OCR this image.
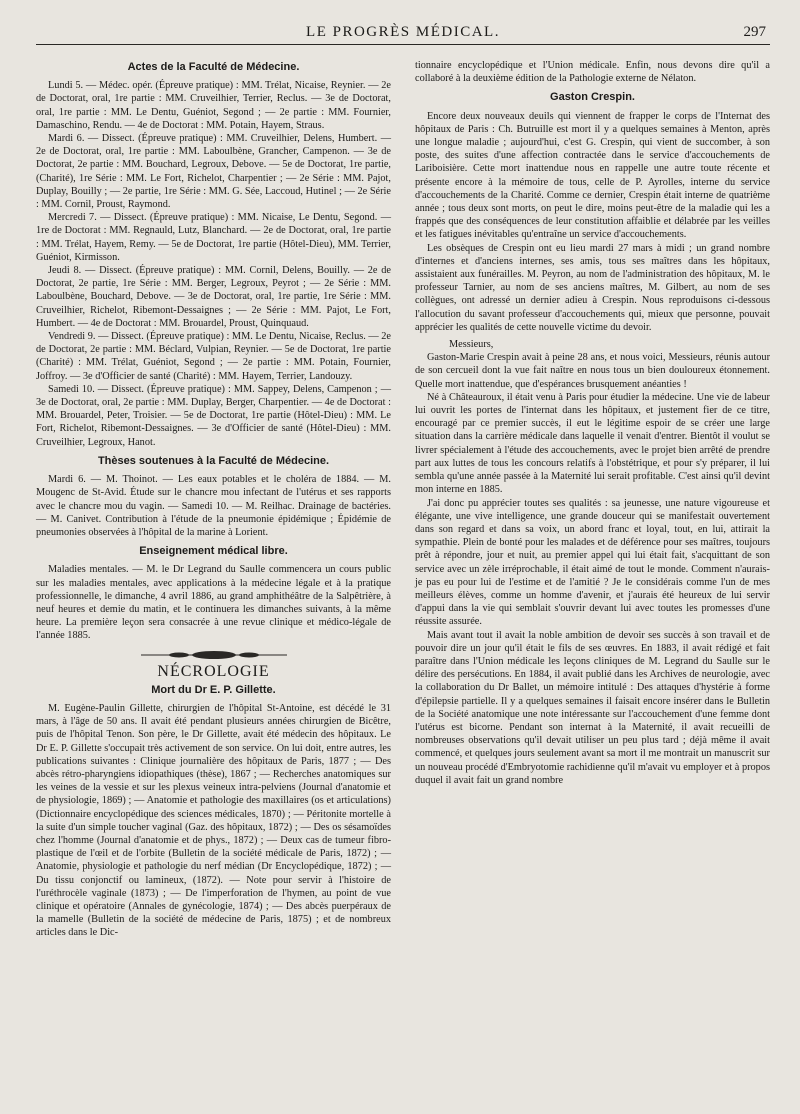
LE PROGRÈS MÉDICAL.	297
Actes de la Faculté de Médecine.

Lundi 5. — Médec. opér. (Épreuve pratique) : MM. Trélat, Nicaise, Reynier. — 2e de Doctorat, oral, 1re partie : MM. Cruveilhier, Terrier, Reclus. — 3e de Doctorat, oral, 1re partie : MM. Le Dentu, Guéniot, Segond ; — 2e partie : MM. Fournier, Damaschino, Rendu. — 4e de Doctorat : MM. Potain, Hayem, Straus.

Mardi 6. — Dissect. (Épreuve pratique) : MM. Cruveilhier, Delens, Humbert. — 2e de Doctorat, oral, 1re partie : MM. Laboulbène, Grancher, Campenon. — 3e de Doctorat, 2e partie : MM. Bouchard, Legroux, Debove. — 5e de Doctorat, 1re partie, (Charité), 1re Série : MM. Le Fort, Richelot, Charpentier ; — 2e Série : MM. Pajot, Duplay, Bouilly ; — 2e partie, 1re Série : MM. G. Sée, Laccoud, Hutinel ; — 2e Série : MM. Cornil, Proust, Raymond.

Mercredi 7. — Dissect. (Épreuve pratique) : MM. Nicaise, Le Dentu, Segond. — 1re de Doctorat : MM. Regnauld, Lutz, Blanchard. — 2e de Doctorat, oral, 1re partie : MM. Trélat, Hayem, Remy. — 5e de Doctorat, 1re partie (Hôtel-Dieu), MM. Terrier, Guéniot, Kirmisson.

Jeudi 8. — Dissect. (Épreuve pratique) : MM. Cornil, Delens, Bouilly. — 2e de Doctorat, 2e partie, 1re Série : MM. Berger, Legroux, Peyrot ; — 2e Série : MM. Laboulbène, Bouchard, Debove. — 3e de Doctorat, oral, 1re partie, 1re Série : MM. Cruveilhier, Richelot, Ribemont-Dessaignes ; — 2e Série : MM. Pajot, Le Fort, Humbert. — 4e de Doctorat : MM. Brouardel, Proust, Quinquaud.

Vendredi 9. — Dissect. (Épreuve pratique) : MM. Le Dentu, Nicaise, Reclus. — 2e de Doctorat, 2e partie : MM. Béclard, Vulpian, Reynier. — 5e de Doctorat, 1re partie (Charité) : MM. Trélat, Guéniot, Segond ; — 2e partie : MM. Potain, Fournier, Joffroy. — 3e d'Officier de santé (Charité) : MM. Hayem, Terrier, Landouzy.

Samedi 10. — Dissect. (Épreuve pratique) : MM. Sappey, Delens, Campenon ; — 3e de Doctorat, oral, 2e partie : MM. Duplay, Berger, Charpentier. — 4e de Doctorat : MM. Brouardel, Peter, Troisier. — 5e de Doctorat, 1re partie (Hôtel-Dieu) : MM. Le Fort, Richelot, Ribemont-Dessaignes. — 3e d'Officier de santé (Hôtel-Dieu) : MM. Cruveilhier, Legroux, Hanot.

Thèses soutenues à la Faculté de Médecine.

Mardi 6. — M. Thoinot. — Les eaux potables et le choléra de 1884. — M. Mougenc de St-Avid. Étude sur le chancre mou infectant de l'utérus et ses rapports avec le chancre mou du vagin. — Samedi 10. — M. Reilhac. Drainage de bactéries. — M. Canivet. Contribution à l'étude de la pneumonie épidémique ; Épidémie de pneumonies observées à l'hôpital de la marine à Lorient.

Enseignement médical libre.

Maladies mentales. — M. le Dr Legrand du Saulle commencera un cours public sur les maladies mentales, avec applications à la médecine légale et à la pratique professionnelle, le dimanche, 4 avril 1886, au grand amphithéâtre de la Salpêtrière, à neuf heures et demie du matin, et le continuera les dimanches suivants, à la même heure. La première leçon sera consacrée à une revue clinique et médico-légale de l'année 1885.

NÉCROLOGIE
Mort du Dr E. P. Gillette.

M. Eugène-Paulin Gillette, chirurgien de l'hôpital St-Antoine, est décédé le 31 mars, à l'âge de 50 ans. Il avait été pendant plusieurs années chirurgien de Bicêtre, puis de l'hôpital Tenon. Son père, le Dr Gillette, avait été médecin des hôpitaux. Le Dr E. P. Gillette s'occupait très activement de son service. On lui doit, entre autres, les publications suivantes : Clinique journalière des hôpitaux de Paris, 1877 ; — Des abcès rétro-pharyngiens idiopathiques (thèse), 1867 ; — Recherches anatomiques sur les veines de la vessie et sur les plexus veineux intra-pelviens (Journal d'anatomie et de physiologie, 1869) ; — Anatomie et pathologie des maxillaires (os et articulations) (Dictionnaire encyclopédique des sciences médicales, 1870) ; — Péritonite mortelle à la suite d'un simple toucher vaginal (Gaz. des hôpitaux, 1872) ; — Des os sésamoïdes chez l'homme (Journal d'anatomie et de phys., 1872) ; — Deux cas de tumeur fibro-plastique de l'œil et de l'orbite (Bulletin de la société médicale de Paris, 1872) ; — Anatomie, physiologie et pathologie du nerf médian (Dr Encyclopédique, 1872) ; — Du tissu conjonctif ou lamineux, (1872). — Note pour servir à l'histoire de l'uréthrocèle vaginale (1873) ; — De l'imperforation de l'hymen, au point de vue clinique et opératoire (Annales de gynécologie, 1874) ; — Des abcès puerpéraux de la mamelle (Bulletin de la société de médecine de Paris, 1875) ; et de nombreux articles dans le Dic-

tionnaire encyclopédique et l'Union médicale. Enfin, nous devons dire qu'il a collaboré à la deuxième édition de la Pathologie externe de Nélaton.

Gaston Crespin.

Encore deux nouveaux deuils qui viennent de frapper le corps de l'Internat des hôpitaux de Paris : Ch. Butruille est mort il y a quelques semaines à Menton, après une longue maladie ; aujourd'hui, c'est G. Crespin, qui vient de succomber, à son poste, des suites d'une affection contractée dans le service d'accouchements de Lariboisière. Cette mort inattendue nous en rappelle une autre toute récente et présente encore à la mémoire de tous, celle de P. Ayrolles, interne du service d'accouchements de la Charité. Comme ce dernier, Crespin était interne de quatrième année ; tous deux sont morts, on peut le dire, moins peut-être de la maladie qui les a frappés que des conséquences de leur constitution affaiblie et délabrée par les veilles et les fatigues inévitables qu'entraîne un service d'accouchements.

Les obsèques de Crespin ont eu lieu mardi 27 mars à midi ; un grand nombre d'internes et d'anciens internes, ses amis, tous ses maîtres dans les hôpitaux, assistaient aux funérailles. M. Peyron, au nom de l'administration des hôpitaux, M. le professeur Tarnier, au nom de ses anciens maîtres, M. Gilbert, au nom de ses collègues, ont adressé un dernier adieu à Crespin. Nous reproduisons ci-dessous l'allocution du savant professeur d'accouchements qui, mieux que personne, pouvait apprécier les qualités de cette nouvelle victime du devoir.

Messieurs,

Gaston-Marie Crespin avait à peine 28 ans, et nous voici, Messieurs, réunis autour de son cercueil dont la vue fait naître en nous tous un bien douloureux étonnement. Quelle mort inattendue, que d'espérances brusquement anéanties !

Né à Châteauroux, il était venu à Paris pour étudier la médecine. Une vie de labeur lui ouvrit les portes de l'internat dans les hôpitaux, et justement fier de ce titre, encouragé par ce premier succès, il eut le légitime espoir de se créer une large situation dans la carrière médicale dans laquelle il venait d'entrer. Bientôt il voulut se livrer spécialement à l'étude des accouchements, avec le projet bien arrêté de prendre part aux luttes de tous les concours relatifs à l'obstétrique, et pour s'y préparer, il lui sembla qu'une année passée à la Maternité lui serait profitable. C'est ainsi qu'il devint mon interne en 1885.

J'ai donc pu apprécier toutes ses qualités : sa jeunesse, une nature vigoureuse et élégante, une vive intelligence, une grande douceur qui se manifestait ouvertement dans son regard et dans sa voix, un abord franc et loyal, tout, en lui, attirait la sympathie. Plein de bonté pour les malades et de déférence pour ses maîtres, toujours prêt à répondre, jour et nuit, au premier appel qui lui était fait, s'acquittant de son service avec un zèle irréprochable, il était aimé de tout le monde. Comment n'aurais-je pas eu pour lui de l'estime et de l'amitié ? Je le considérais comme l'un de mes meilleurs élèves, comme un homme d'avenir, et j'aurais été heureux de lui servir d'appui dans la vie qui semblait s'ouvrir devant lui avec toutes les promesses d'une réussite assurée.

Mais avant tout il avait la noble ambition de devoir ses succès à son travail et de pouvoir dire un jour qu'il était le fils de ses œuvres. En 1883, il avait rédigé et fait paraître dans l'Union médicale les leçons cliniques de M. Legrand du Saulle sur le délire des persécutions. En 1884, il avait publié dans les Archives de neurologie, avec la collaboration du Dr Ballet, un mémoire intitulé : Des attaques d'hystérie à forme d'épilepsie partielle. Il y a quelques semaines il faisait encore insérer dans le Bulletin de la Société anatomique une note intéressante sur l'accouchement d'une femme dont l'utérus est bicorne. Pendant son internat à la Maternité, il avait recueilli de nombreuses observations qu'il devait utiliser un peu plus tard ; déjà même il avait commencé, et quelques jours seulement avant sa mort il me montrait un manuscrit sur un nouveau procédé d'Embryotomie rachidienne qu'il m'avait vu employer et à propos duquel il avait fait un grand nombre
